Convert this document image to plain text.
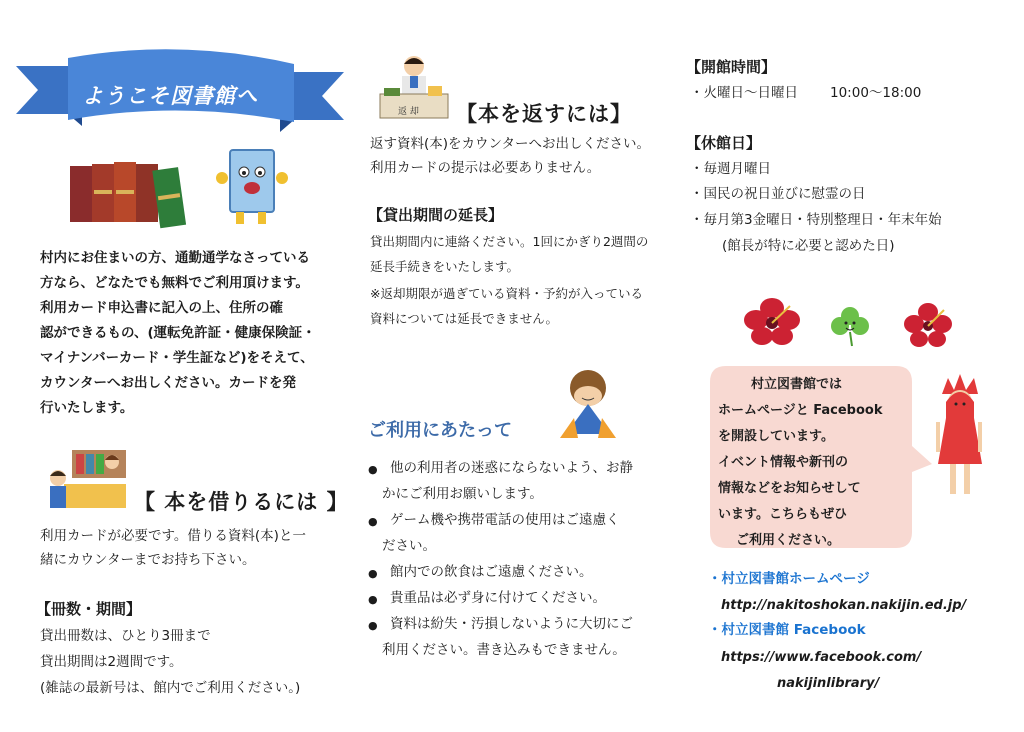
ようこそ図書館へ
村内にお住まいの方、通勤通学なさっている
方なら、どなたでも無料でご利用頂けます。
利用カード申込書に記入の上、住所の確
認ができるもの、(運転免許証・健康保険証・
マイナンバーカード・学生証など)をそえて、
カウンターへお出しください。カードを発
行いたします。
【 本を借りるには 】
利用カードが必要です。借りる資料(本)と一
緒にカウンターまでお持ち下さい。
【冊数・期間】
貸出冊数は、ひとり3冊まで
貸出期間は2週間です。
(雑誌の最新号は、館内でご利用ください。)
返 却 【本を返すには】
返す資料(本)をカウンターへお出しください。
利用カードの提示は必要ありません。
【貸出期間の延長】
貸出期間内に連絡ください。1回にかぎり2週間の
延長手続きをいたします。
※返却期限が過ぎている資料・予約が入っている
資料については延長できません。
ご利用にあたって
● 他の利用者の迷惑にならないよう、お静
かにご利用お願いします。
● ゲーム機や携帯電話の使用はご遠慮く
ださい。
● 館内での飲食はご遠慮ください。
● 貴重品は必ず身に付けてください。
● 資料は紛失・汚損しないように大切にご
利用ください。書き込みもできません。
【開館時間】
・火曜日～日曜日 10:00～18:00
【休館日】
・毎週月曜日
・国民の祝日並びに慰霊の日
・毎月第3金曜日・特別整理日・年末年始
(館長が特に必要と認めた日)
村立図書館では
ホームページと Facebook
を開設しています。
イベント情報や新刊の
情報などをお知らせして
います。こちらもぜひ
ご利用ください。
・村立図書館ホームページ
http://nakitoshokan.nakijin.ed.jp/
・村立図書館 Facebook
https://www.facebook.com/
nakijinlibrary/
